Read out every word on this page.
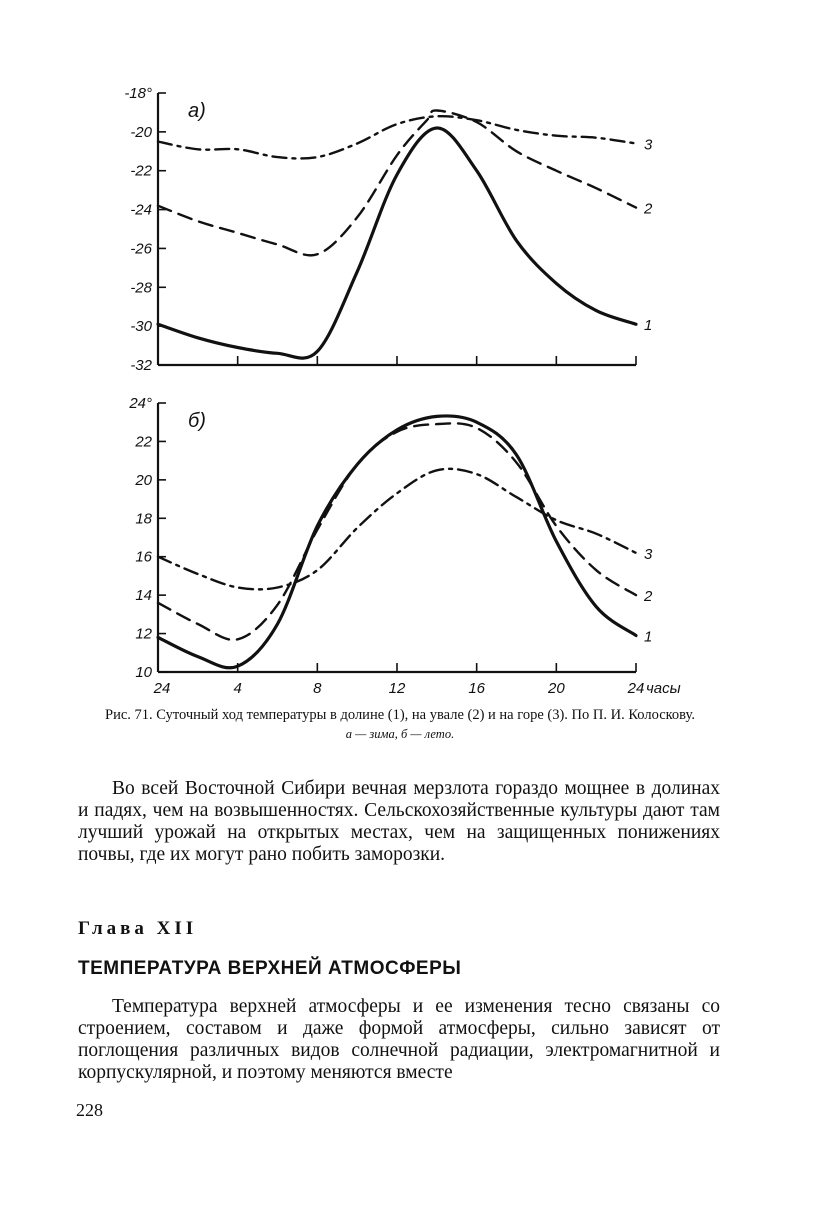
-18°
-20
-22
-24
-26
-28
-30
-32
а)
1
2
3
24°
22
20
18
16
14
12
10
24	4	8	12	16	20	24 часы
б)
1
2
3
Рис. 71. Суточный ход температуры в долине (1), на увале (2) и на горе (3). По П. И. Колоскову.
а — зима, б — лето.

Во всей Восточной Сибири вечная мерзлота гораздо мощнее в долинах и падях, чем на возвышенностях. Сельскохозяйственные культуры дают там лучший урожай на открытых местах, чем на защищенных понижениях почвы, где их могут рано побить заморозки.

Глава XII
ТЕМПЕРАТУРА ВЕРХНЕЙ АТМОСФЕРЫ

Температура верхней атмосферы и ее изменения тесно связаны со строением, составом и даже формой атмосферы, сильно зависят от поглощения различных видов солнечной радиации, электромагнитной и корпускулярной, и поэтому меняются вместе

228
